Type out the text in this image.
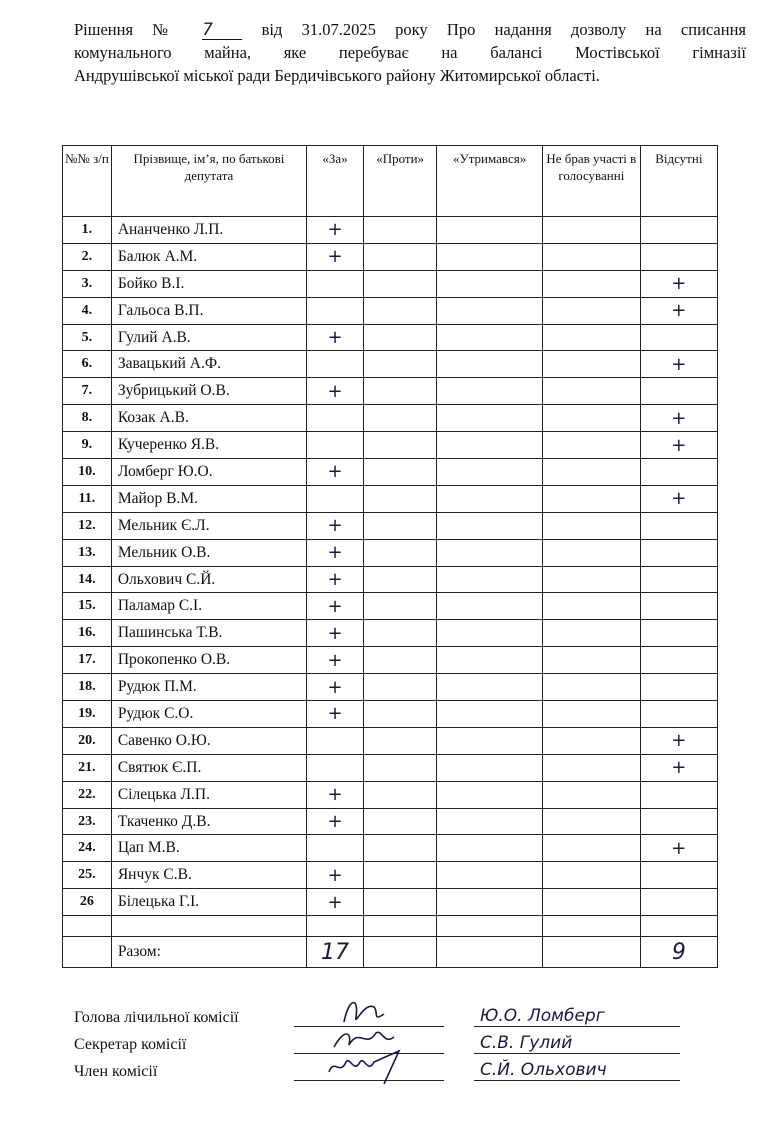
Рішення № 7	від 31.07.2025 року Про надання дозволу на списання
комунального майна, яке перебуває на балансі Мостівської гімназії
Андрушівської міської ради Бердичівського району Житомирської області.
№№ з/п	Прізвище, ім’я, по батькові депутата	«За»	«Проти»	«Утримався»	Не брав участі в голосуванні	Відсутні
1.	Ананченко Л.П.	+				
2.	Балюк А.М.	+				
3.	Бойко В.І.					+
4.	Гальоса В.П.					+
5.	Гулий А.В.	+				
6.	Завацький А.Ф.					+
7.	Зубрицький О.В.	+				
8.	Козак А.В.					+
9.	Кучеренко Я.В.					+
10.	Ломберг Ю.О.	+				
11.	Майор В.М.					+
12.	Мельник Є.Л.	+				
13.	Мельник О.В.	+				
14.	Ольхович С.Й.	+				
15.	Паламар С.І.	+				
16.	Пашинська Т.В.	+				
17.	Прокопенко О.В.	+				
18.	Рудюк П.М.	+				
19.	Рудюк С.О.	+				
20.	Савенко О.Ю.					+
21.	Святюк Є.П.					+
22.	Сілецька Л.П.	+				
23.	Ткаченко Д.В.	+				
24.	Цап М.В.					+
25.	Янчук С.В.	+				
26	Білецька Г.І.	+				

	Разом:	17				9
Голова лічильної комісії	Ю.О. Ломберг
Секретар комісії	С.В. Гулий
Член комісії	С.Й. Ольхович
